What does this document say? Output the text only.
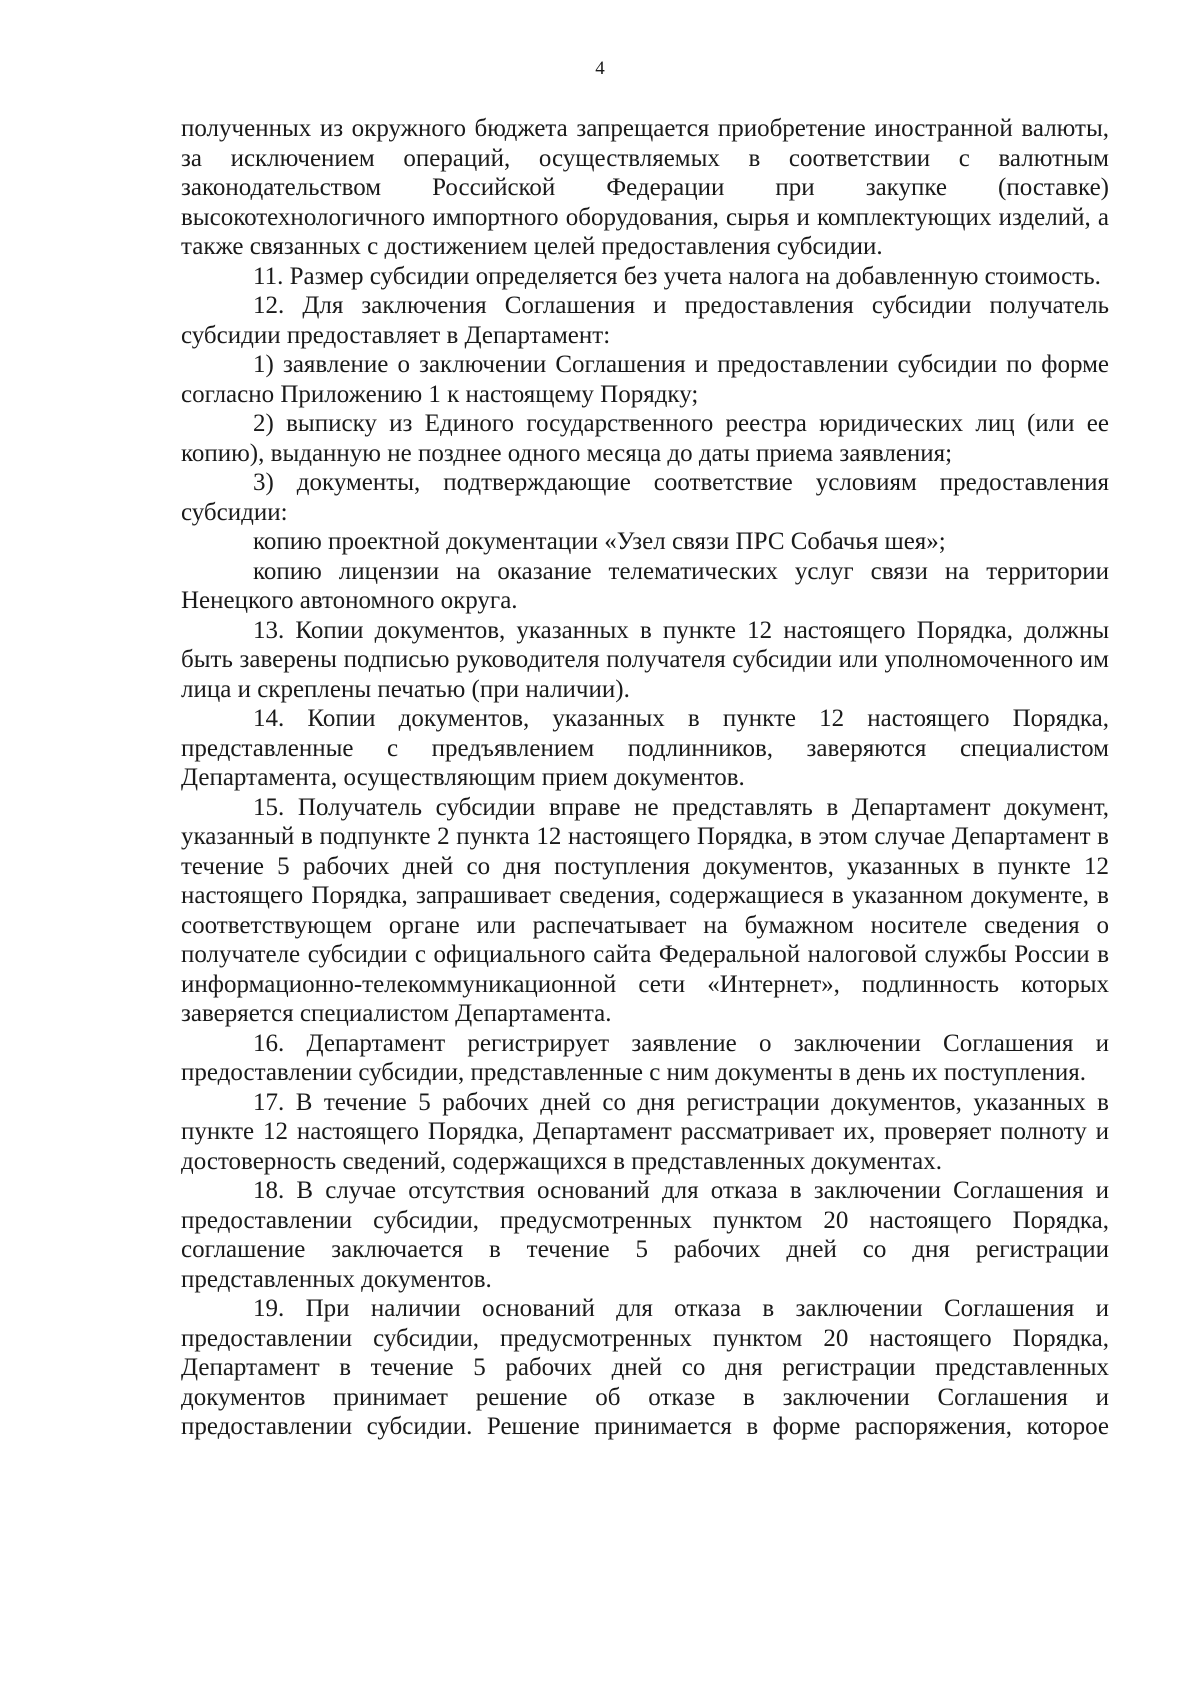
4

полученных из окружного бюджета запрещается приобретение иностранной валюты, за исключением операций, осуществляемых в соответствии с валютным законодательством Российской Федерации при закупке (поставке) высокотехнологичного импортного оборудования, сырья и комплектующих изделий, а также связанных с достижением целей предоставления субсидии.

11. Размер субсидии определяется без учета налога на добавленную стоимость.

12. Для заключения Соглашения и предоставления субсидии получатель субсидии предоставляет в Департамент:

1) заявление о заключении Соглашения и предоставлении субсидии по форме согласно Приложению 1 к настоящему Порядку;

2) выписку из Единого государственного реестра юридических лиц (или ее копию), выданную не позднее одного месяца до даты приема заявления;

3) документы, подтверждающие соответствие условиям предоставления субсидии:

копию проектной документации «Узел связи ПРС Собачья шея»;

копию лицензии на оказание телематических услуг связи на территории Ненецкого автономного округа.

13. Копии документов, указанных в пункте 12 настоящего Порядка, должны быть заверены подписью руководителя получателя субсидии или уполномоченного им лица и скреплены печатью (при наличии).

14. Копии документов, указанных в пункте 12 настоящего Порядка, представленные с предъявлением подлинников, заверяются специалистом Департамента, осуществляющим прием документов.

15. Получатель субсидии вправе не представлять в Департамент документ, указанный в подпункте 2 пункта 12 настоящего Порядка, в этом случае Департамент в течение 5 рабочих дней со дня поступления документов, указанных в пункте 12 настоящего Порядка, запрашивает сведения, содержащиеся в указанном документе, в соответствующем органе или распечатывает на бумажном носителе сведения о получателе субсидии с официального сайта Федеральной налоговой службы России в информационно-телекоммуникационной сети «Интернет», подлинность которых заверяется специалистом Департамента.

16. Департамент регистрирует заявление о заключении Соглашения и предоставлении субсидии, представленные с ним документы в день их поступления.

17. В течение 5 рабочих дней со дня регистрации документов, указанных в пункте 12 настоящего Порядка, Департамент рассматривает их, проверяет полноту и достоверность сведений, содержащихся в представленных документах.

18. В случае отсутствия оснований для отказа в заключении Соглашения и предоставлении субсидии, предусмотренных пунктом 20 настоящего Порядка, соглашение заключается в течение 5 рабочих дней со дня регистрации представленных документов.

19. При наличии оснований для отказа в заключении Соглашения и предоставлении субсидии, предусмотренных пунктом 20 настоящего Порядка, Департамент в течение 5 рабочих дней со дня регистрации представленных документов принимает решение об отказе в заключении Соглашения и предоставлении субсидии. Решение принимается в форме распоряжения, которое
